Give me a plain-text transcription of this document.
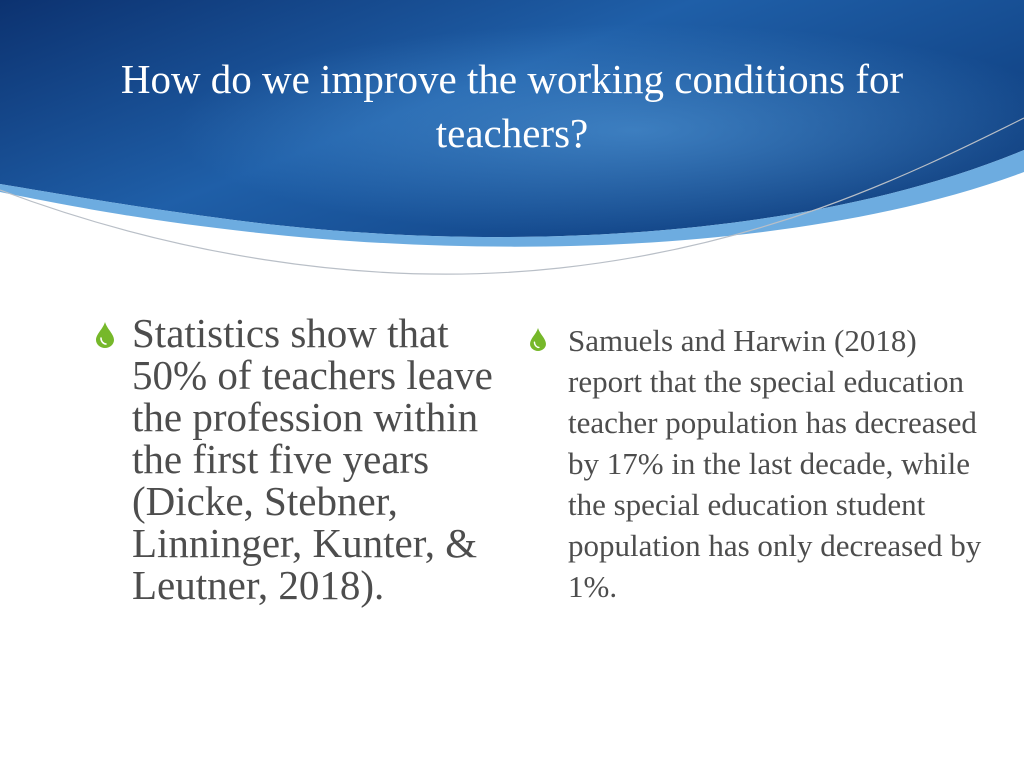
How do we improve the working conditions for teachers?
Statistics show that 50% of teachers leave the profession within the first five years (Dicke, Stebner, Linninger, Kunter, & Leutner, 2018).
Samuels and Harwin (2018) report that the special education teacher population has decreased by 17% in the last decade, while the special education student population has only decreased by 1%.
